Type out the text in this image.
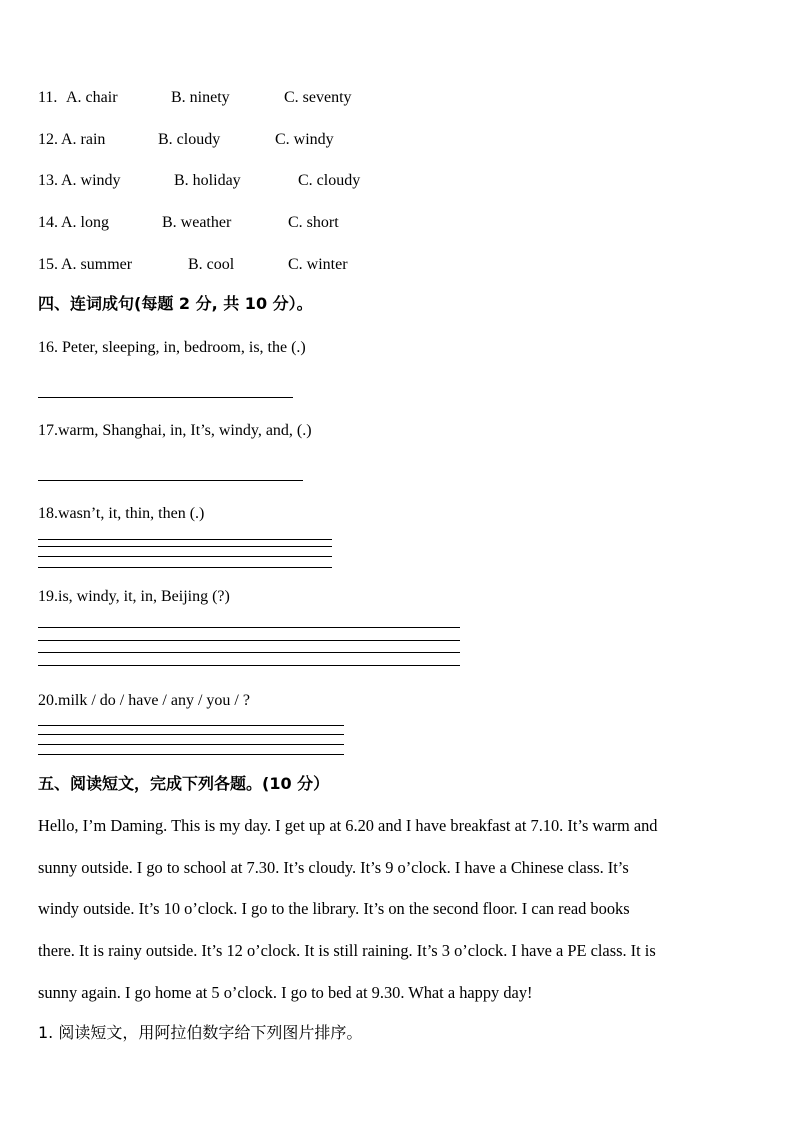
11. A. chair	B. ninety	C. seventy
12. A. rain	B. cloudy	C. windy
13. A. windy	B. holiday	C. cloudy
14. A. long	B. weather	C. short
15. A. summer	B. cool	C. winter
四、连词成句(每题 2 分, 共 10 分）。
16. Peter, sleeping, in, bedroom, is, the (.)
17.warm, Shanghai, in, It’s, windy, and, (.)
18.wasn’t, it, thin, then (.)
19.is, windy, it, in, Beijing (?)
20.milk / do / have / any / you / ?
五、阅读短文，完成下列各题。(10 分）
Hello, I’m Daming. This is my day. I get up at 6.20 and I have breakfast at 7.10. It’s warm and
sunny outside. I go to school at 7.30. It’s cloudy. It’s 9 o’clock. I have a Chinese class. It’s
windy outside. It’s 10 o’clock. I go to the library. It’s on the second floor. I can read books
there. It is rainy outside. It’s 12 o’clock. It is still raining. It’s 3 o’clock. I have a PE class. It is
sunny again. I go home at 5 o’clock. I go to bed at 9.30. What a happy day!
1. 阅读短文，用阿拉伯数字给下列图片排序。
